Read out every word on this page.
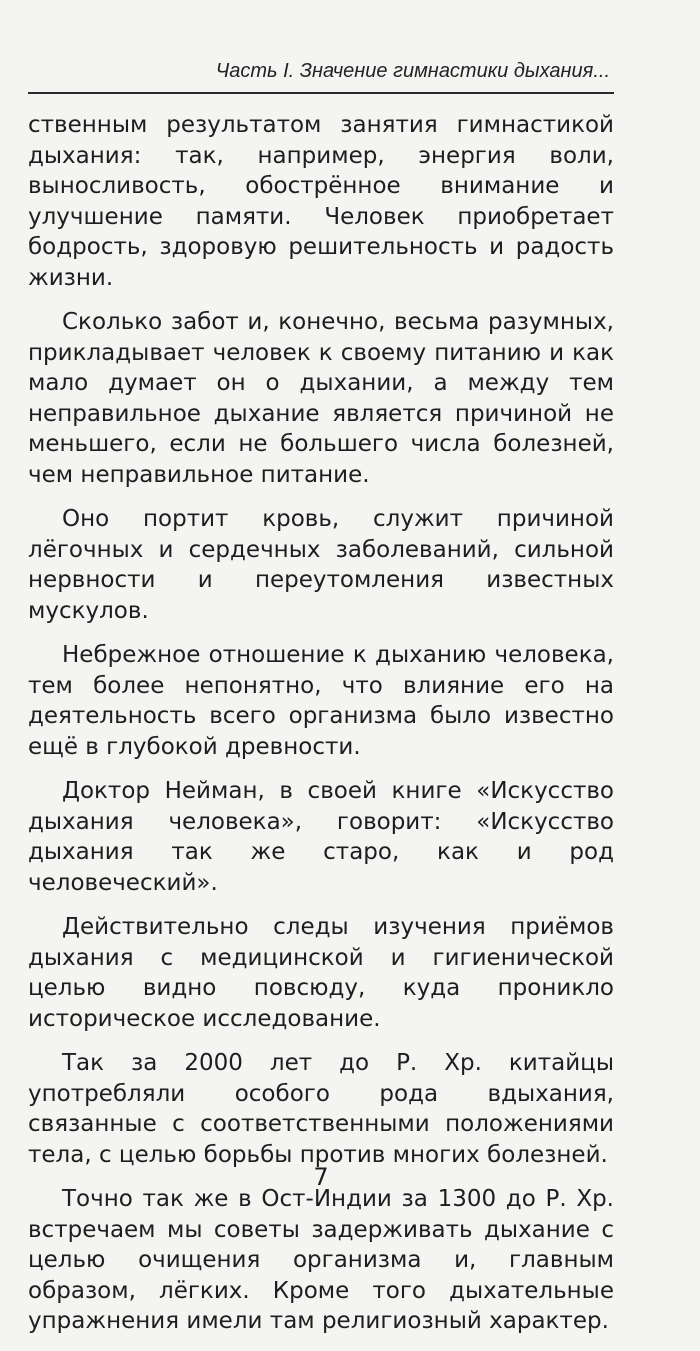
Часть I. Значение гимнастики дыхания...

ственным результатом занятия гимнастикой дыхания: так, например, энергия воли, выносливость, обострённое внимание и улучшение памяти. Человек приобретает бодрость, здоровую решительность и радость жизни.

Сколько забот и, конечно, весьма разумных, прикладывает человек к своему питанию и как мало думает он о дыхании, а между тем неправильное дыхание является причиной не меньшего, если не большего числа болезней, чем неправильное питание.

Оно портит кровь, служит причиной лёгочных и сердечных заболеваний, сильной нервности и переутомления известных мускулов.

Небрежное отношение к дыханию человека, тем более непонятно, что влияние его на деятельность всего организма было известно ещё в глубокой древности.

Доктор Нейман, в своей книге «Искусство дыхания человека», говорит: «Искусство дыхания так же старо, как и род человеческий».

Действительно следы изучения приёмов дыхания с медицинской и гигиенической целью видно повсюду, куда проникло историческое исследование.

Так за 2000 лет до Р. Хр. китайцы употребляли особого рода вдыхания, связанные с соответственными положениями тела, с целью борьбы против многих болезней.

Точно так же в Ост-Индии за 1300 до Р. Хр. встречаем мы советы задерживать дыхание с целью очищения организма и, главным образом, лёгких. Кроме того дыхательные упражнения имели там религиозный характер.

7
